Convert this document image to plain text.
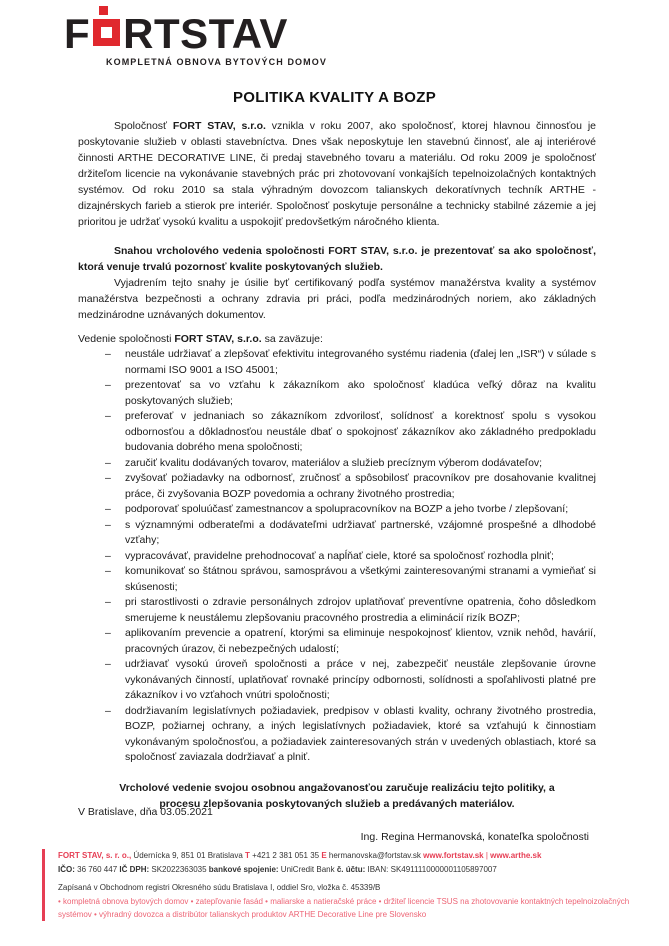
F RTSTAV
KOMPLETNÁ OBNOVA BYTOVÝCH DOMOV
POLITIKA KVALITY A BOZP

Spoločnosť FORT STAV, s.r.o. vznikla v roku 2007, ako spoločnosť, ktorej hlavnou činnosťou je poskytovanie služieb v oblasti stavebníctva. Dnes však neposkytuje len stavebnú činnosť, ale aj interiérové činnosti ARTHE DECORATIVE LINE, či predaj stavebného tovaru a materiálu. Od roku 2009 je spoločnosť držiteľom licencie na vykonávanie stavebných prác pri zhotovovaní vonkajších tepelnoizolačných kontaktných systémov. Od roku 2010 sa stala výhradným dovozcom talianskych dekoratívnych techník ARTHE - dizajnérskych farieb a stierok pre interiér. Spoločnosť poskytuje personálne a technicky stabilné zázemie a jej prioritou je udržať vysokú kvalitu a uspokojiť predovšetkým náročného klienta.

Snahou vrcholového vedenia spoločnosti FORT STAV, s.r.o. je prezentovať sa ako spoločnosť, ktorá venuje trvalú pozornosť kvalite poskytovaných služieb.

Vyjadrením tejto snahy je úsilie byť certifikovaný podľa systémov manažérstva kvality a systémov manažérstva bezpečnosti a ochrany zdravia pri práci, podľa medzinárodných noriem, ako základných medzinárodne uznávaných dokumentov.

Vedenie spoločnosti FORT STAV, s.r.o. sa zaväzuje:
–	neustále udržiavať a zlepšovať efektivitu integrovaného systému riadenia (ďalej len „ISR“) v súlade s normami ISO 9001 a ISO 45001;
–	prezentovať sa vo vzťahu k zákazníkom ako spoločnosť kladúca veľký dôraz na kvalitu poskytovaných služieb;
–	preferovať v jednaniach so zákazníkom zdvorilosť, solídnosť a korektnosť spolu s vysokou odbornosťou a dôkladnosťou neustále dbať o spokojnosť zákazníkov ako základného predpokladu budovania dobrého mena spoločnosti;
–	zaručiť kvalitu dodávaných tovarov, materiálov a služieb precíznym výberom dodávateľov;
–	zvyšovať požiadavky na odbornosť, zručnosť a spôsobilosť pracovníkov pre dosahovanie kvalitnej práce, či zvyšovania BOZP povedomia a ochrany životného prostredia;
–	podporovať spoluúčasť zamestnancov a spolupracovníkov na BOZP a jeho tvorbe / zlepšovaní;
–	s významnými odberateľmi a dodávateľmi udržiavať partnerské, vzájomné prospešné a dlhodobé vzťahy;
–	vypracovávať, pravidelne prehodnocovať a napĺňať ciele, ktoré sa spoločnosť rozhodla plniť;
–	komunikovať so štátnou správou, samosprávou a všetkými zainteresovanými stranami a vymieňať si skúsenosti;
–	pri starostlivosti o zdravie personálnych zdrojov uplatňovať preventívne opatrenia, čoho dôsledkom smerujeme k neustálemu zlepšovaniu pracovného prostredia a eliminácií rizík BOZP;
–	aplikovaním prevencie a opatrení, ktorými sa eliminuje nespokojnosť klientov, vznik nehôd, havárií, pracovných úrazov, či nebezpečných udalostí;
–	udržiavať vysokú úroveň spoločnosti a práce v nej, zabezpečiť neustále zlepšovanie úrovne vykonávaných činností, uplatňovať rovnaké princípy odbornosti, solídnosti a spoľahlivosti platné pre zákazníkov i vo vzťahoch vnútri spoločnosti;
–	dodržiavaním legislatívnych požiadaviek, predpisov v oblasti kvality, ochrany životného prostredia, BOZP, požiarnej ochrany, a iných legislatívnych požiadaviek, ktoré sa vzťahujú k činnostiam vykonávaným spoločnosťou, a požiadaviek zainteresovaných strán v uvedených oblastiach, ktoré sa spoločnosť zaviazala dodržiavať a plniť.

Vrcholové vedenie svojou osobnou angažovanosťou zaručuje realizáciu tejto politiky, a procesu zlepšovania poskytovaných služieb a predávaných materiálov.

V Bratislave, dňa 03.05.2021
Ing. Regina Hermanovská, konateľka spoločnosti
FORT STAV, s. r. o., Údernícka 9, 851 01 Bratislava T +421 2 381 051 35 E hermanovska@fortstav.sk www.fortstav.sk | www.arthe.sk
IČO: 36 760 447 IČ DPH: SK2022363035 bankové spojenie: UniCredit Bank č. účtu: IBAN: SK4911110000001105897007
Zapísaná v Obchodnom registri Okresného súdu Bratislava I, oddiel Sro, vložka č. 45339/B
• kompletná obnova bytových domov • zatepľovanie fasád • maliarske a natieračské práce • držiteľ licencie TSUS na zhotovovanie kontaktných tepelnoizolačných systémov • výhradný dovozca a distribútor talianskych produktov ARTHE Decorative Line pre Slovensko
